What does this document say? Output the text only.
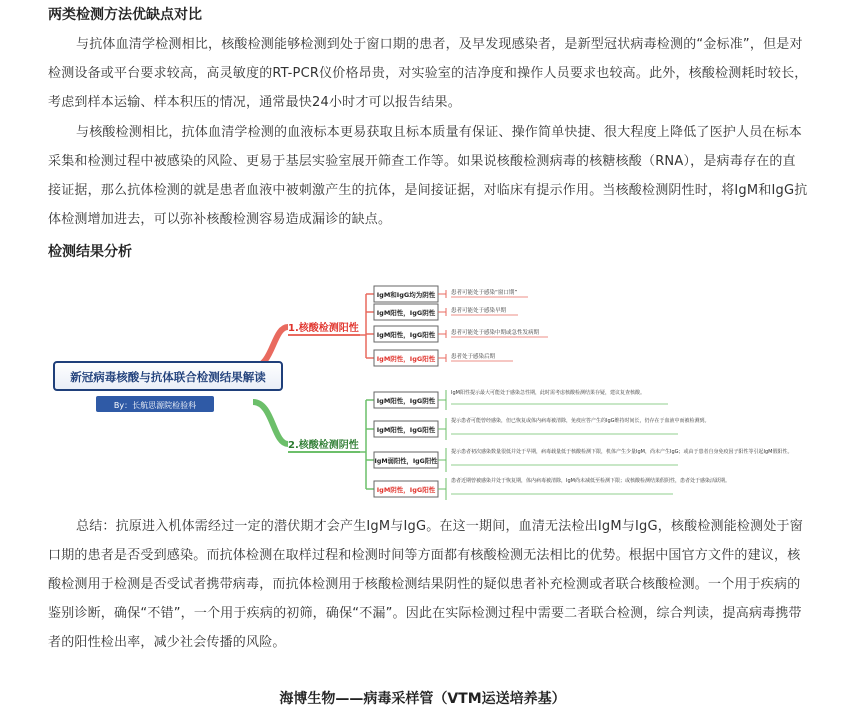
两类检测方法优缺点对比

与抗体血清学检测相比，核酸检测能够检测到处于窗口期的患者，及早发现感染者，是新型冠状病毒检测的“金标准”，但是对检测设备或平台要求较高，高灵敏度的RT-PCR仪价格昂贵，对实验室的洁净度和操作人员要求也较高。此外，核酸检测耗时较长，考虑到样本运输、样本积压的情况，通常最快24小时才可以报告结果。

与核酸检测相比，抗体血清学检测的血液标本更易获取且标本质量有保证、操作简单快捷、很大程度上降低了医护人员在标本采集和检测过程中被感染的风险、更易于基层实验室展开筛查工作等。如果说核酸检测病毒的核糖核酸（RNA），是病毒存在的直接证据，那么抗体检测的就是患者血液中被刺激产生的抗体，是间接证据，对临床有提示作用。当核酸检测阴性时，将IgM和IgG抗体检测增加进去，可以弥补核酸检测容易造成漏诊的缺点。

检测结果分析
新冠病毒核酸与抗体联合检测结果解读
By：长航思源院检验科
1.核酸检测阳性
IgM和IgG均为阴性	患者可能处于感染“窗口期”
IgM阳性，IgG阴性	患者可能处于感染早期
IgM阳性，IgG阳性	患者可能处于感染中期或急性发病期
IgM阴性，IgG阳性	患者处于感染后期
2.核酸检测阴性
IgM阳性，IgG阴性
IgM阳性提示最大可能处于感染急性期，此时需考虑核酸检测结果存疑，建议复查核酸。
IgM阳性，IgG阳性
提示患者可能曾经感染，但已恢复或体内病毒被清除，免疫应答产生的IgG维持时间长，仍存在于血液中而被检测到。
IgM弱阳性，IgG阳性
提示患者初次感染数量很低并处于早期，病毒载量低于核酸检测下限，机体产生少量IgM，尚未产生IgG；或由于患者自身免疫因子阳性等引起IgM假阳性。
IgM阴性，IgG阳性
患者近期曾被感染并处于恢复期，体内病毒被清除，IgM尚未减低至检测下限；或核酸检测结果假阴性，患者处于感染活跃期。

总结：抗原进入机体需经过一定的潜伏期才会产生IgM与IgG。在这一期间，血清无法检出IgM与IgG，核酸检测能检测处于窗口期的患者是否受到感染。而抗体检测在取样过程和检测时间等方面都有核酸检测无法相比的优势。根据中国官方文件的建议，核酸检测用于检测是否受试者携带病毒，而抗体检测用于核酸检测结果阴性的疑似患者补充检测或者联合核酸检测。一个用于疾病的鉴别诊断，确保“不错”，一个用于疾病的初筛，确保“不漏”。因此在实际检测过程中需要二者联合检测，综合判读，提高病毒携带者的阳性检出率，减少社会传播的风险。

海博生物——病毒采样管（VTM运送培养基）
